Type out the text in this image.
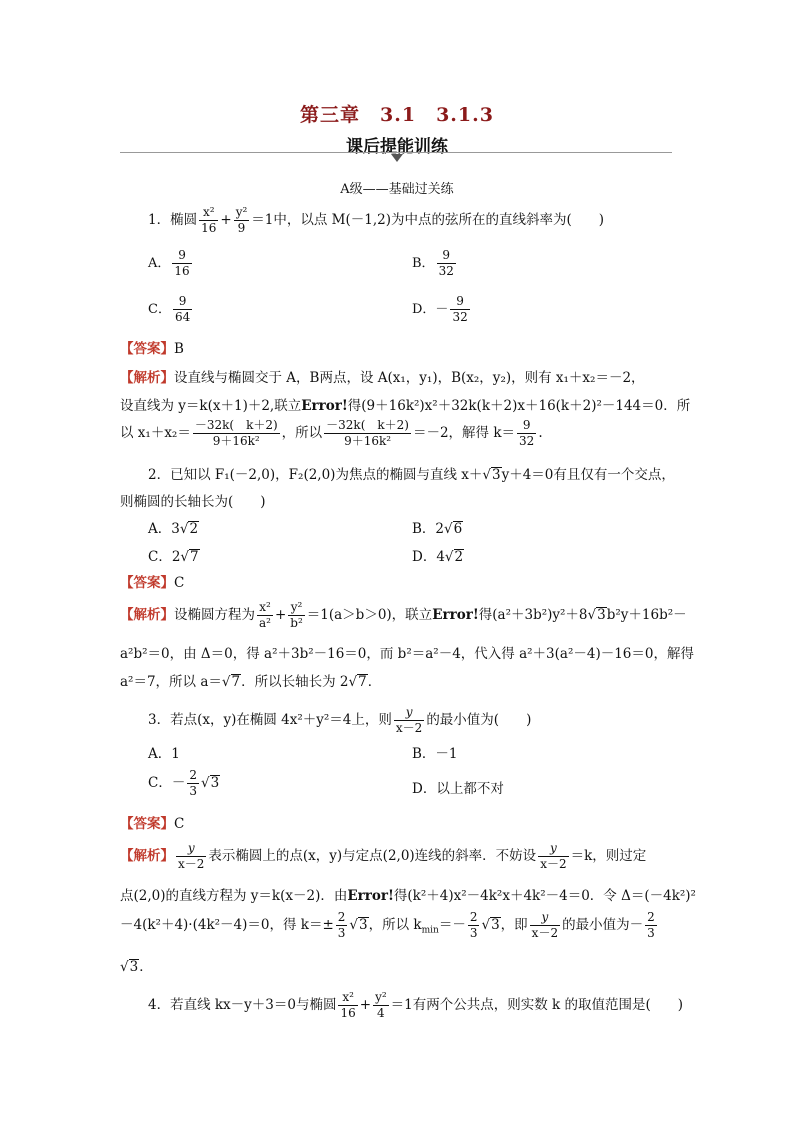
第三章　3.1　3.1.3
课后提能训练
A级——基础过关练
1．椭圆 $\frac{\text{x²}}{16} + \frac{\text{y²}}{9} =1$中，以点 M(－1,2)为中点的弦所在的直线斜率为(　　)
A． $\frac{9}{16}$	B． $\frac{9}{32}$
C． $\frac{9}{64}$	D．－ $\frac{9}{32}$
【答案】B
【解析】设直线与椭圆交于 A，B两点，设 A(x₁，y₁)，B(x₂，y₂)，则有 x₁＋x₂＝－2，
设直线为 y＝k(x＋1)＋2,联立Error!得(9＋16k²)x²＋32k(k＋2)x＋16(k＋2)²－144＝0．所
以 $x_1+x_2= \frac{-32k( k+2)}{\text{9＋16k²}}$ ，所以 $\frac{-32k( k+2)}{\text{9＋16k²}} =-2$，解得 $k= \frac{9}{32}$ .
2．已知以 F₁(－2,0)，F₂(2,0)为焦点的椭圆与直线 x＋√3y＋4＝0有且仅有一个交点，
则椭圆的长轴长为(　　)
A．3√2	B．2√6
C．2√7	D．4√2
【答案】C
【解析】设椭圆方程为 $\frac{\text{x²}}{\text{a²}} + \frac{\text{y²}}{\text{b²}} =1(a>b>0)$，联立Error!得(a²＋3b²)y²＋8√3b²y＋16b²－
a²b²＝0，由 Δ＝0，得 a²＋3b²－16＝0，而 b²＝a²－4，代入得 a²＋3(a²－4)－16＝0，解得
a²＝7，所以 a＝√7．所以长轴长为 2√7．
3．若点(x，y)在椭圆 4x²＋y²＝4上，则 $\frac{y}{x-2}$ 的最小值为(　　)
A．1	B．－1
C．－ $\frac{2}{3} √3$	D．以上都不对
【答案】C
【解析】 $\frac{y}{x-2}$ 表示椭圆上的点(x，y)与定点(2,0)连线的斜率．不妨设 $\frac{y}{x-2} =k$，则过定
点(2,0)的直线方程为 y＝k(x－2)．由Error!得(k²＋4)x²－4k²x＋4k²－4＝0．令 Δ＝(－4k²)²
－4(k²＋4)·(4k²－4)＝0，得 $k=\pm \frac{2}{3} √3$，所以 $k_{min}=- \frac{2}{3} √3$，即 $\frac{y}{x-2}$ 的最小值为－ $\frac{2}{3}$
√3．
4．若直线 kx－y＋3＝0与椭圆 $\frac{\text{x²}}{16} + \frac{\text{y²}}{4} =1$有两个公共点，则实数 k 的取值范围是(　　)
